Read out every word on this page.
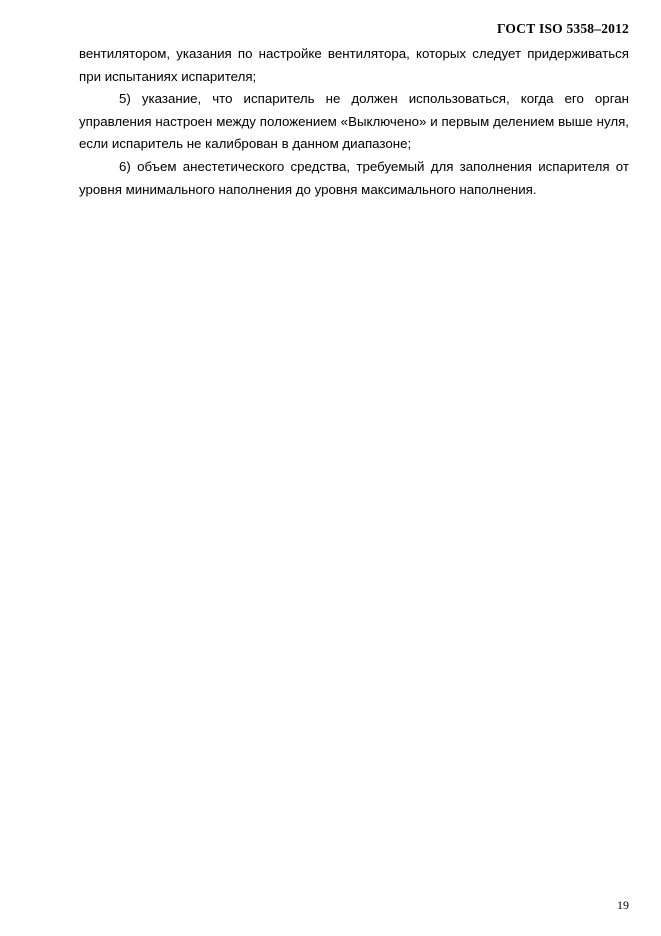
ГОСТ ISO 5358–2012
вентилятором, указания по настройке вентилятора, которых следует придерживаться
при испытаниях испарителя;
5) указание, что испаритель не должен использоваться, когда его орган
управления настроен между положением «Выключено» и первым делением выше нуля,
если испаритель не калиброван в данном диапазоне;
6) объем анестетического средства, требуемый для заполнения испарителя от
уровня минимального наполнения до уровня максимального наполнения.
19
